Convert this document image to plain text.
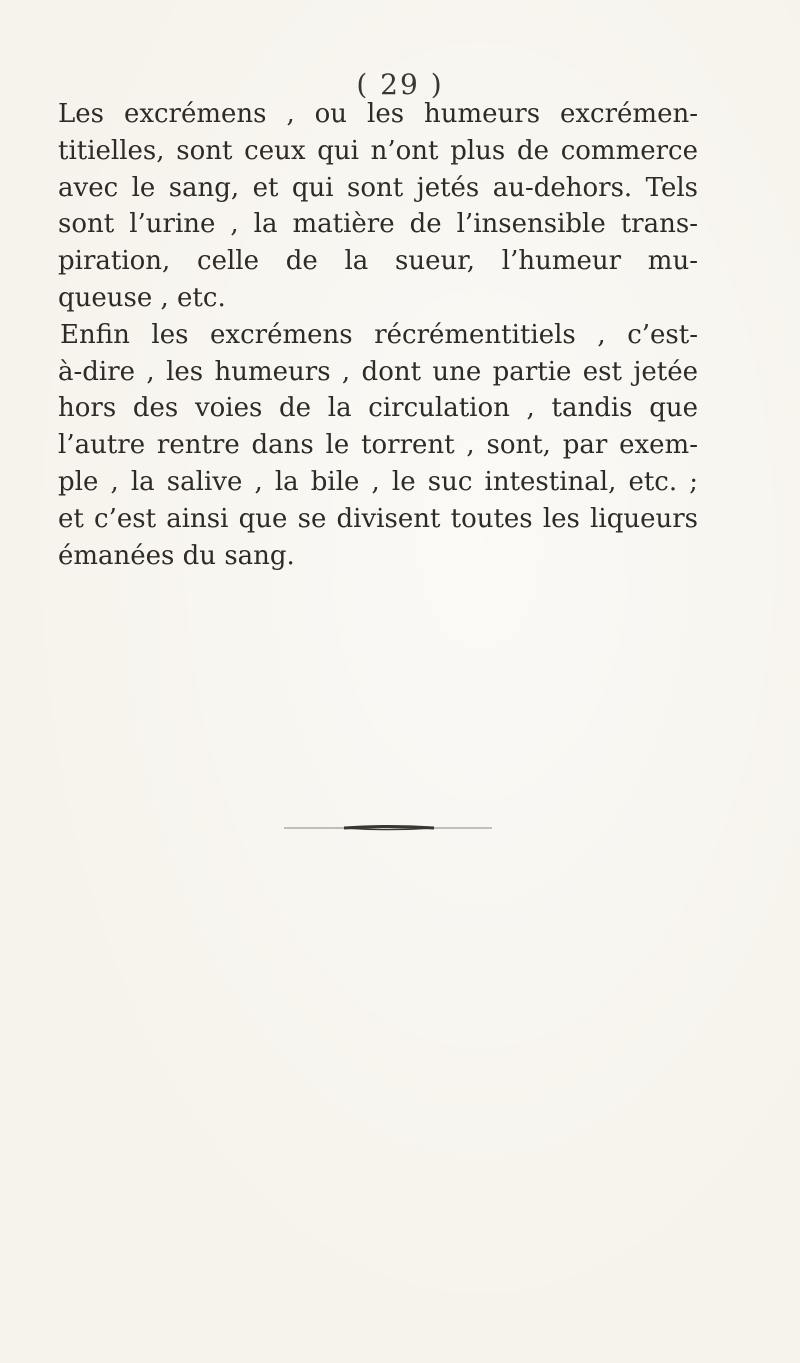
( 29 )
Les excrémens , ou les humeurs excrémen-
titielles, sont ceux qui n’ont plus de commerce
avec le sang, et qui sont jetés au-dehors. Tels
sont l’urine , la matière de l’insensible trans-
piration, celle de la sueur, l’humeur mu-
queuse , etc.
Enfin les excrémens récrémentitiels , c’est-
à-dire , les humeurs , dont une partie est jetée
hors des voies de la circulation , tandis que
l’autre rentre dans le torrent , sont, par exem-
ple , la salive , la bile , le suc intestinal, etc. ;
et c’est ainsi que se divisent toutes les liqueurs
émanées du sang.
